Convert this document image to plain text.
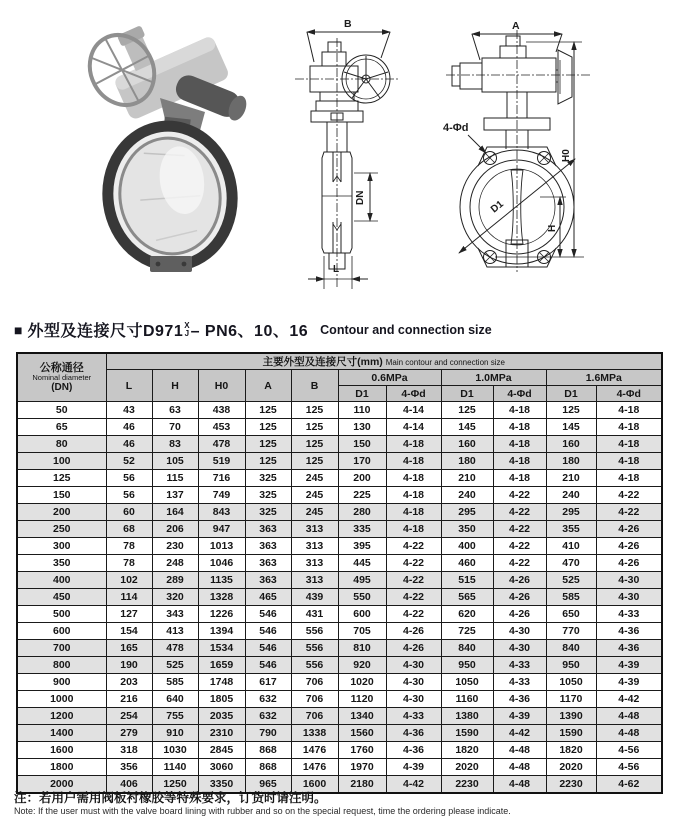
B
DN
L
A
D1
4-Φd
H0
H
■ 外型及连接尺寸D971 X
J – PN6、10、16 Contour and connection size
公称通径
Nominal diameter
(DN)	主要外型及连接尺寸(mm) Main contour and connection size										
	L	H	H0	A	B	0.6MPa		1.0MPa		1.6MPa	
						D1	4-Φd	D1	4-Φd	D1	4-Φd
50	43	63	438	125	125	110	4-14	125	4-18	125	4-18
65	46	70	453	125	125	130	4-14	145	4-18	145	4-18
80	46	83	478	125	125	150	4-18	160	4-18	160	4-18
100	52	105	519	125	125	170	4-18	180	4-18	180	4-18
125	56	115	716	325	245	200	4-18	210	4-18	210	4-18
150	56	137	749	325	245	225	4-18	240	4-22	240	4-22
200	60	164	843	325	245	280	4-18	295	4-22	295	4-22
250	68	206	947	363	313	335	4-18	350	4-22	355	4-26
300	78	230	1013	363	313	395	4-22	400	4-22	410	4-26
350	78	248	1046	363	313	445	4-22	460	4-22	470	4-26
400	102	289	1135	363	313	495	4-22	515	4-26	525	4-30
450	114	320	1328	465	439	550	4-22	565	4-26	585	4-30
500	127	343	1226	546	431	600	4-22	620	4-26	650	4-33
600	154	413	1394	546	556	705	4-26	725	4-30	770	4-36
700	165	478	1534	546	556	810	4-26	840	4-30	840	4-36
800	190	525	1659	546	556	920	4-30	950	4-33	950	4-39
900	203	585	1748	617	706	1020	4-30	1050	4-33	1050	4-39
1000	216	640	1805	632	706	1120	4-30	1160	4-36	1170	4-42
1200	254	755	2035	632	706	1340	4-33	1380	4-39	1390	4-48
1400	279	910	2310	790	1338	1560	4-36	1590	4-42	1590	4-48
1600	318	1030	2845	868	1476	1760	4-36	1820	4-48	1820	4-56
1800	356	1140	3060	868	1476	1970	4-39	2020	4-48	2020	4-56
2000	406	1250	3350	965	1600	2180	4-42	2230	4-48	2230	4-62
注：若用户需用阀板衬橡胶等特殊要求，订货时请注明。
Note: If the user must with the valve board lining with rubber and so on the special request, time the ordering please indicate.
